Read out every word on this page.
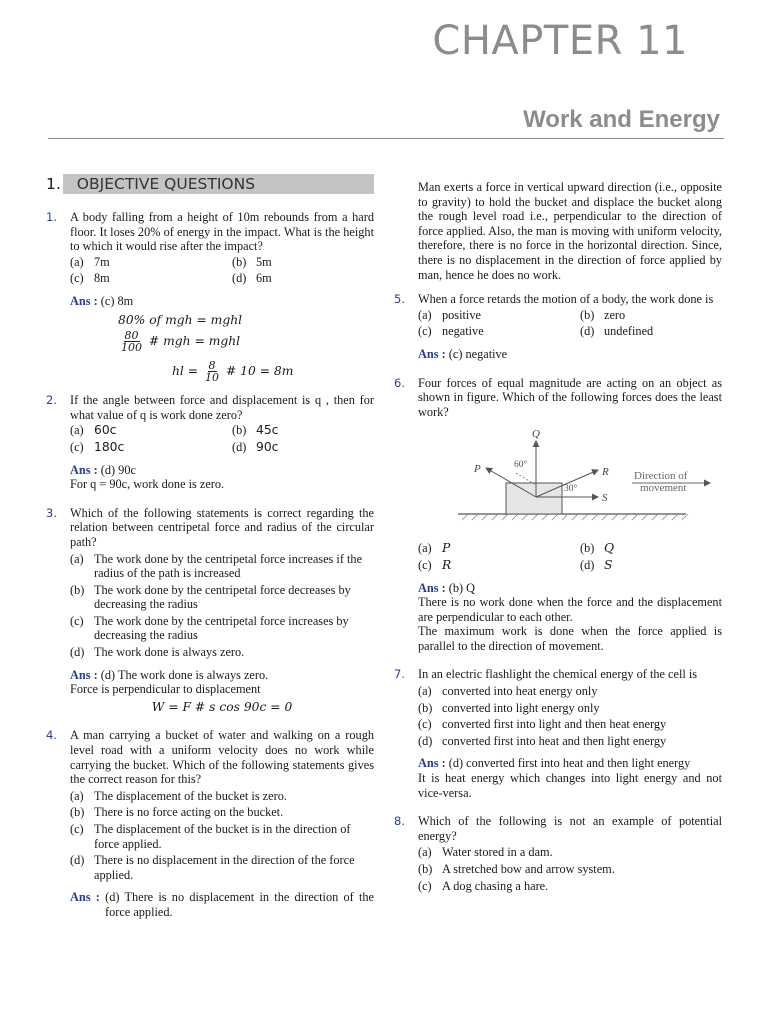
CHAPTER 11
Work and Energy
1.	OBJECTIVE QUESTIONS
1. A body falling from a height of 10m rebounds from a hard floor. It loses 20% of energy in the impact. What is the height to which it would rise after the impact?
(a) 7m	(b) 5m
(c) 8m	(d) 6m
Ans : (c) 8m
80% of mgh = mghl
$\frac{80}{100}$ # mgh = mghl
hl = $\frac{8}{10}$ # 10 = 8m
2. If the angle between force and displacement is q , then for what value of q is work done zero?
(a) 60c	(b) 45c
(c) 180c	(d) 90c
Ans : (d) 90c
For q = 90c, work done is zero.
3. Which of the following statements is correct regarding the relation between centripetal force and radius of the circular path?
(a) The work done by the centripetal force increases if the radius of the path is increased
(b) The work done by the centripetal force decreases by decreasing the radius
(c) The work done by the centripetal force increases by decreasing the radius
(d) The work done is always zero.
Ans : (d) The work done is always zero.
Force is perpendicular to displacement
W = F # s cos 90c = 0
4. A man carrying a bucket of water and walking on a rough level road with a uniform velocity does no work while carrying the bucket. Which of the following statements gives the correct reason for this?
(a) The displacement of the bucket is zero.
(b) There is no force acting on the bucket.
(c) The displacement of the bucket is in the direction of force applied.
(d) There is no displacement in the direction of the force applied.
Ans : (d) There is no displacement in the direction of the force applied.
Man exerts a force in vertical upward direction (i.e., opposite to gravity) to hold the bucket and displace the bucket along the rough level road i.e., perpendicular to the direction of force applied. Also, the man is moving with uniform velocity, therefore, there is no force in the horizontal direction. Since, there is no displacement in the direction of force applied by man, hence he does no work.
5. When a force retards the motion of a body, the work done is
(a) positive	(b) zero
(c) negative	(d) undefined
Ans : (c) negative
6. Four forces of equal magnitude are acting on an object as shown in figure. Which of the following forces does the least work?
Q
P	60°
R
30°
S
Direction of
movement
(a) P	(b) Q
(c) R	(d) S
Ans : (b) Q
There is no work done when the force and the displacement are perpendicular to each other.
The maximum work is done when the force applied is parallel to the direction of movement.
7. In an electric flashlight the chemical energy of the cell is
(a) converted into heat energy only
(b) converted into light energy only
(c) converted first into light and then heat energy
(d) converted first into heat and then light energy
Ans : (d) converted first into heat and then light energy
It is heat energy which changes into light energy and not vice-versa.
8. Which of the following is not an example of potential energy?
(a) Water stored in a dam.
(b) A stretched bow and arrow system.
(c) A dog chasing a hare.
